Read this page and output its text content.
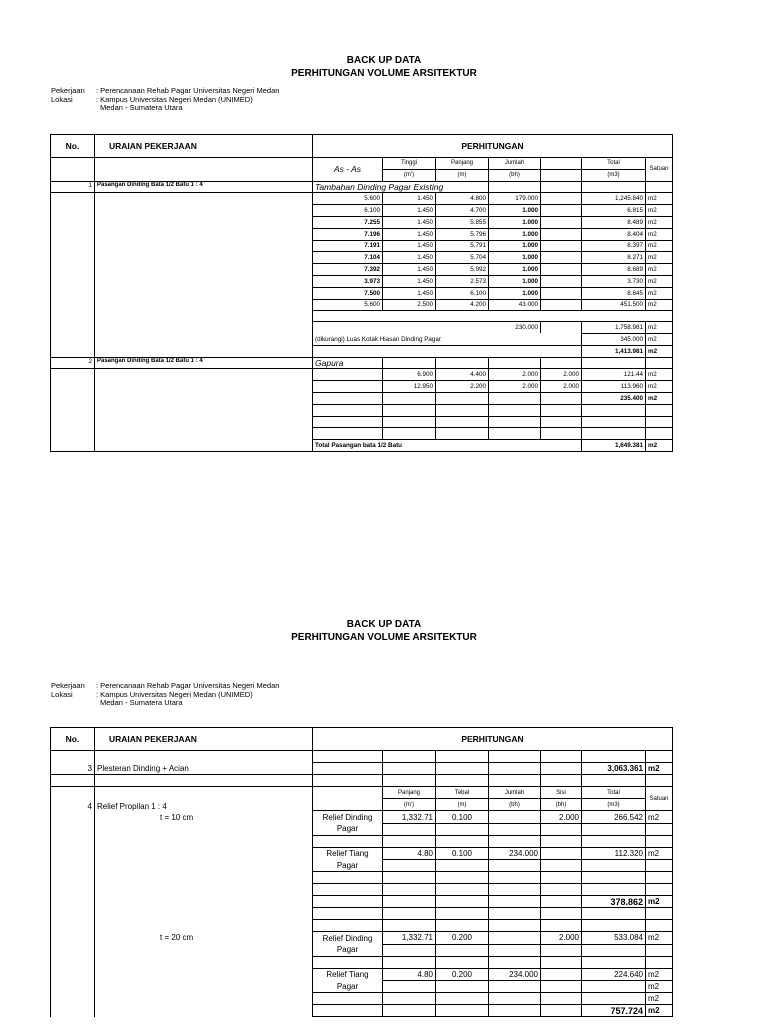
BACK UP DATA
PERHITUNGAN VOLUME ARSITEKTUR
Pekerjaan	: Perencanaan Rehab Pagar Universitas Negeri Medan
Lokasi	: Kampus Universitas Negeri Medan (UNIMED)
Medan - Sumatera Utara
No.	URAIAN PEKERJAAN	PERHITUNGAN						
		As - As	Tinggi	Panjang	Jumlah		Total	Satuan
			(m')	(m)	(bh)		(m3)	
1	Pasangan Dinding Bata 1/2 Batu 1 : 4	Tambahan Dinding Pagar Existing						
		5.600	1.450	4.800	179.000		1,245.840	m2
		6.100	1.450	4.700	1.000		6.815	m2
		7.255	1.450	5.855	1.000		8.489	m2
		7.196	1.450	5.796	1.000		8.404	m2
		7.191	1.450	5.791	1.000		8.397	m2
		7.104	1.450	5.704	1.000		8.271	m2
		7.392	1.450	5.992	1.000		8.689	m2
		3.973	1.450	2.573	1.000		3.730	m2
		7.500	1.450	6.100	1.000		8.845	m2
		5.600	2.500	4.200	43.000		451.500	m2

					230.000		1,758.981	m2
		(dikurangi) Luas Kotak Hiasan Dinding Pagar					345.000	m2
							1,413.981	m2
2	Pasangan Dinding Bata 1/2 Batu 1 : 4	Gapura						
			6.900	4.400	2.000	2.000	121.44	m2
			12.950	2.200	2.000	2.000	113.960	m2
							235.400	m2

		Total Pasangan bata 1/2 Batu					1,649.381	m2
BACK UP DATA
PERHITUNGAN VOLUME ARSITEKTUR
Pekerjaan	: Perencanaan Rehab Pagar Universitas Negeri Medan
Lokasi	: Kampus Universitas Negeri Medan (UNIMED)
Medan - Sumatera Utara
No.	URAIAN PEKERJAAN	PERHITUNGAN						

3	Plesteran Dinding + Acian						3,063.361	m2

			Panjang	Tebal	Jumlah	Sisi	Total	Satuan
4	Relief Propilan 1 : 4		(m')	(m)	(bh)	(bh)	(m3)	
	t = 10 cm	Relief Dinding	1,332.71	0.100		2.000	266.542	m2
		Pagar						

		Relief Tiang	4.80	0.100	234.000		112.320	m2
		Pagar						

							378.862	m2

	t = 20 cm	Relief Dinding	1,332.71	0.200		2.000	533.084	m2
		Pagar						

		Relief Tiang	4.80	0.200	234.000		224.640	m2
		Pagar						m2
								m2
							757.724	m2
